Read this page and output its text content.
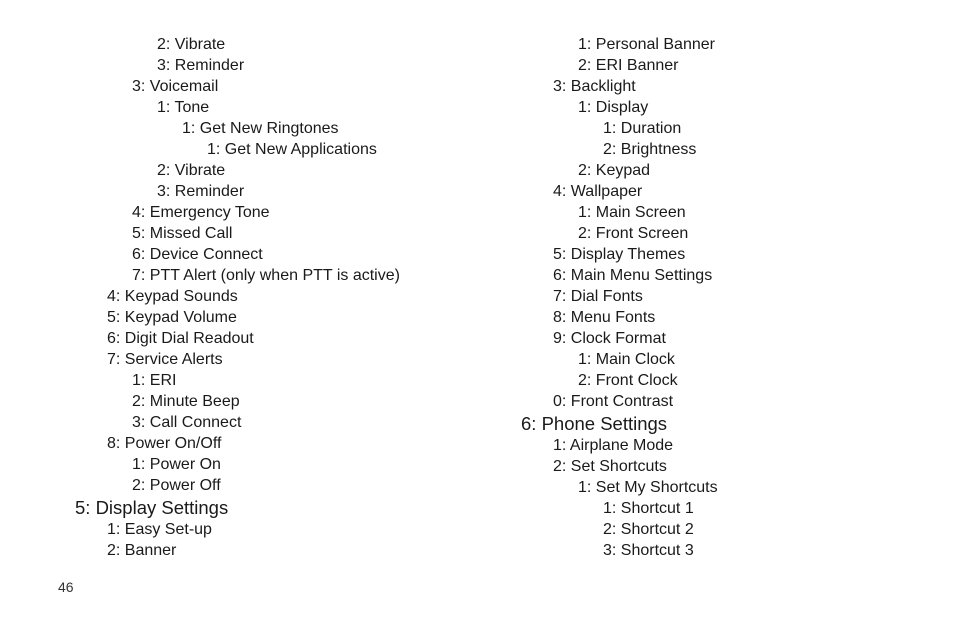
2: Vibrate
3: Reminder
3: Voicemail
1: Tone
1: Get New Ringtones
1: Get New Applications
2: Vibrate
3: Reminder
4: Emergency Tone
5: Missed Call
6: Device Connect
7: PTT Alert (only when PTT is active)
4: Keypad Sounds
5: Keypad Volume
6: Digit Dial Readout
7: Service Alerts
1: ERI
2: Minute Beep
3: Call Connect
8: Power On/Off
1: Power On
2: Power Off
5: Display Settings
1: Easy Set-up
2: Banner
1: Personal Banner
2: ERI Banner
3: Backlight
1: Display
1: Duration
2: Brightness
2: Keypad
4: Wallpaper
1: Main Screen
2: Front Screen
5: Display Themes
6: Main Menu Settings
7: Dial Fonts
8: Menu Fonts
9: Clock Format
1: Main Clock
2: Front Clock
0: Front Contrast
6: Phone Settings
1: Airplane Mode
2: Set Shortcuts
1: Set My Shortcuts
1: Shortcut 1
2: Shortcut 2
3: Shortcut 3
46
